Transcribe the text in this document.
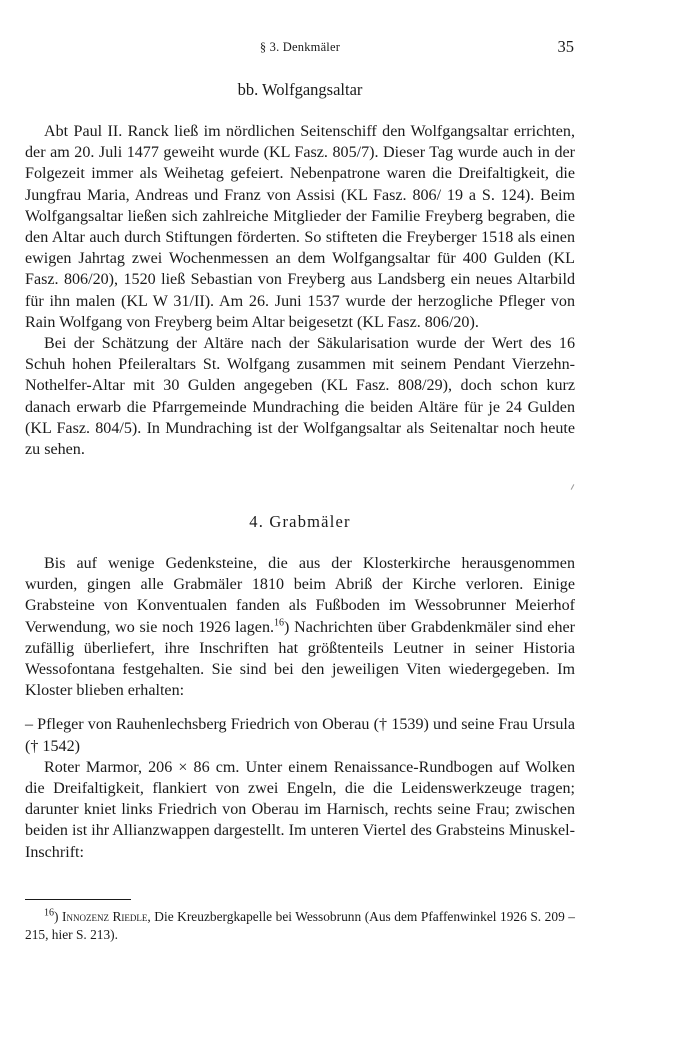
§ 3. Denkmäler	35
bb. Wolfgangsaltar

Abt Paul II. Ranck ließ im nördlichen Seitenschiff den Wolfgangsaltar errichten, der am 20. Juli 1477 geweiht wurde (KL Fasz. 805/7). Dieser Tag wurde auch in der Folgezeit immer als Weihetag gefeiert. Nebenpatrone waren die Dreifaltigkeit, die Jungfrau Maria, Andreas und Franz von Assisi (KL Fasz. 806/ 19 a S. 124). Beim Wolfgangsaltar ließen sich zahlreiche Mitglieder der Familie Freyberg begraben, die den Altar auch durch Stiftungen förderten. So stifteten die Freyberger 1518 als einen ewigen Jahrtag zwei Wochenmessen an dem Wolfgangsaltar für 400 Gulden (KL Fasz. 806/20), 1520 ließ Sebastian von Freyberg aus Landsberg ein neues Altarbild für ihn malen (KL W 31/II). Am 26. Juni 1537 wurde der herzogliche Pfleger von Rain Wolfgang von Freyberg beim Altar beigesetzt (KL Fasz. 806/20).

Bei der Schätzung der Altäre nach der Säkularisation wurde der Wert des 16 Schuh hohen Pfeileraltars St. Wolfgang zusammen mit seinem Pendant Vierzehn-Nothelfer-Altar mit 30 Gulden angegeben (KL Fasz. 808/29), doch schon kurz danach erwarb die Pfarrgemeinde Mundraching die beiden Altäre für je 24 Gulden (KL Fasz. 804/5). In Mundraching ist der Wolfgangsaltar als Seitenaltar noch heute zu sehen.

4. Grabmäler

Bis auf wenige Gedenksteine, die aus der Klosterkirche herausgenommen wurden, gingen alle Grabmäler 1810 beim Abriß der Kirche verloren. Einige Grabsteine von Konventualen fanden als Fußboden im Wessobrunner Meierhof Verwendung, wo sie noch 1926 lagen.$^{16}$) Nachrichten über Grabdenkmäler sind eher zufällig überliefert, ihre Inschriften hat größtenteils Leutner in seiner Historia Wessofontana festgehalten. Sie sind bei den jeweiligen Viten wiedergegeben. Im Kloster blieben erhalten:

– Pfleger von Rauhenlechsberg Friedrich von Oberau († 1539) und seine Frau Ursula († 1542)

Roter Marmor, 206 × 86 cm. Unter einem Renaissance-Rundbogen auf Wolken die Dreifaltigkeit, flankiert von zwei Engeln, die die Leidenswerkzeuge tragen; darunter kniet links Friedrich von Oberau im Harnisch, rechts seine Frau; zwischen beiden ist ihr Allianzwappen dargestellt. Im unteren Viertel des Grabsteins Minuskel-Inschrift:

$^{16}$) Innozenz Riedle, Die Kreuzbergkapelle bei Wessobrunn (Aus dem Pfaffenwinkel 1926 S. 209 – 215, hier S. 213).
